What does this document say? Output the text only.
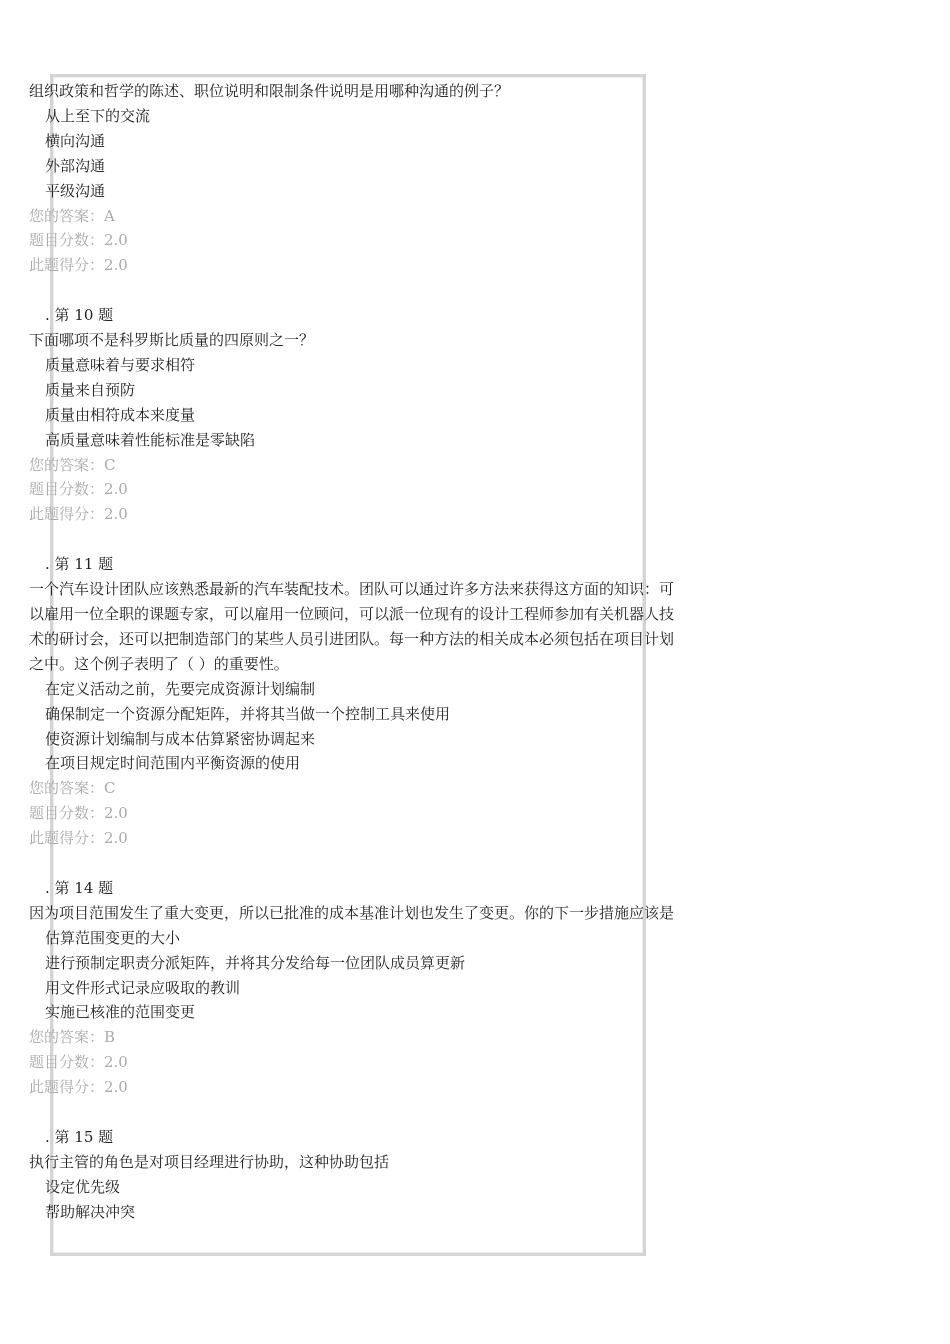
组织政策和哲学的陈述、职位说明和限制条件说明是用哪种沟通的例子？
从上至下的交流
横向沟通
外部沟通
平级沟通
您的答案：A
题目分数：2.0
此题得分：2.0
. 第 10 题
下面哪项不是科罗斯比质量的四原则之一？
质量意味着与要求相符
质量来自预防
质量由相符成本来度量
高质量意味着性能标准是零缺陷
您的答案：C
题目分数：2.0
此题得分：2.0
. 第 11 题
一个汽车设计团队应该熟悉最新的汽车装配技术。团队可以通过许多方法来获得这方面的知识：可以雇用一位全职的课题专家，可以雇用一位顾问，可以派一位现有的设计工程师参加有关机器人技术的研讨会，还可以把制造部门的某些人员引进团队。每一种方法的相关成本必须包括在项目计划之中。这个例子表明了（ ）的重要性。
在定义活动之前，先要完成资源计划编制
确保制定一个资源分配矩阵，并将其当做一个控制工具来使用
使资源计划编制与成本估算紧密协调起来
在项目规定时间范围内平衡资源的使用
您的答案：C
题目分数：2.0
此题得分：2.0
. 第 14 题
因为项目范围发生了重大变更，所以已批准的成本基准计划也发生了变更。你的下一步措施应该是
估算范围变更的大小
进行预制定职责分派矩阵，并将其分发给每一位团队成员算更新
用文件形式记录应吸取的教训
实施已核准的范围变更
您的答案：B
题目分数：2.0
此题得分：2.0
. 第 15 题
执行主管的角色是对项目经理进行协助，这种协助包括
设定优先级
帮助解决冲突
